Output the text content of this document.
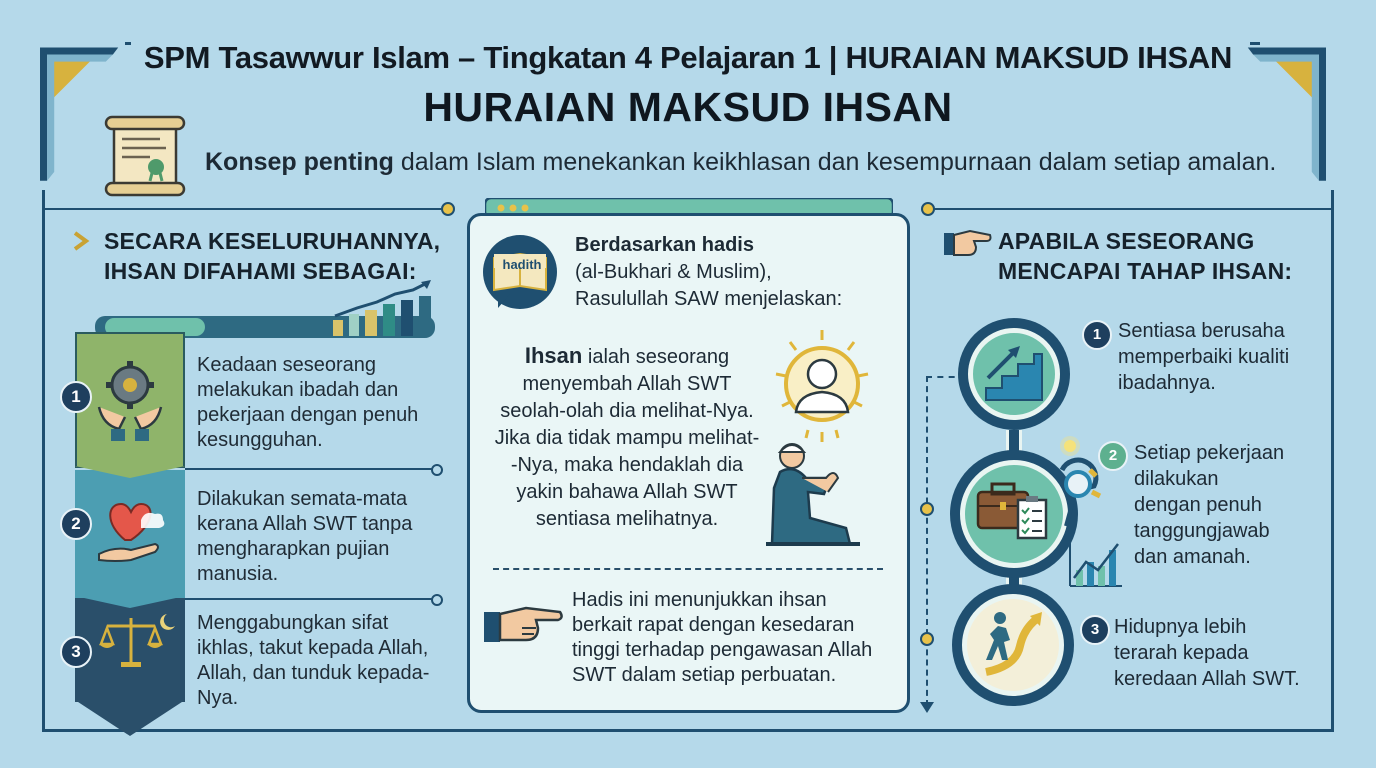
SPM Tasawwur Islam – Tingkatan 4 Pelajaran 1 | HURAIAN MAKSUD IHSAN
HURAIAN MAKSUD IHSAN
Konsep penting dalam Islam menekankan keikhlasan dan kesempurnaan dalam setiap amalan.
SECARA KESELURUHANNYA,
IHSAN DIFAHAMI SEBAGAI:
1
2
3
Keadaan seseorang melakukan ibadah dan pekerjaan dengan penuh kesungguhan.
Dilakukan semata-mata kerana Allah SWT tanpa mengharapkan pujian manusia.
Menggabungkan sifat ikhlas, takut kepada Allah, Allah, dan tunduk kepada-Nya.
hadith
Berdasarkan hadis
(al-Bukhari & Muslim),
Rasulullah SAW menjelaskan:
Ihsan ialah seseorang
menyembah Allah SWT
seolah-olah dia melihat-Nya.
Jika dia tidak mampu melihat-
-Nya, maka hendaklah dia
yakin bahawa Allah SWT
sentiasa melihatnya.
Hadis ini menunjukkan ihsan
berkait rapat dengan kesedaran
tinggi terhadap pengawasan Allah
SWT dalam setiap perbuatan.
APABILA SESEORANG
MENCAPAI TAHAP IHSAN:
1 Sentiasa berusaha
memperbaiki kualiti
ibadahnya.
2 Setiap pekerjaan
dilakukan
dengan penuh
tanggungjawab
dan amanah.
3 Hidupnya lebih
terarah kepada
keredaan Allah SWT.
